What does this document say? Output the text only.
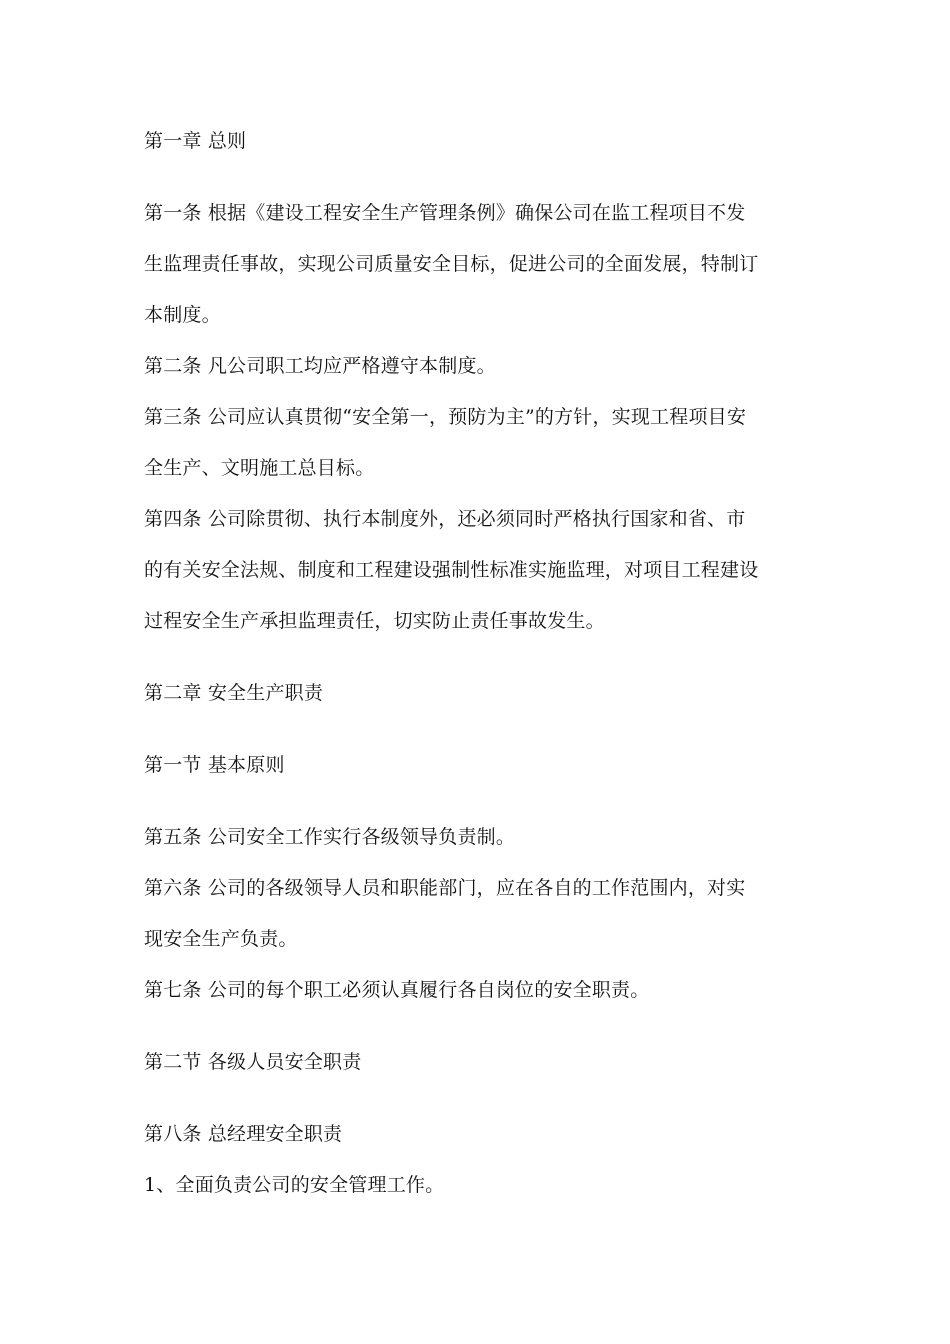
第一章 总则
第一条 根据《建设工程安全生产管理条例》确保公司在监工程项目不发
生监理责任事故，实现公司质量安全目标，促进公司的全面发展，特制订
本制度。
第二条 凡公司职工均应严格遵守本制度。
第三条 公司应认真贯彻“安全第一，预防为主”的方针，实现工程项目安
全生产、文明施工总目标。
第四条 公司除贯彻、执行本制度外，还必须同时严格执行国家和省、市
的有关安全法规、制度和工程建设强制性标准实施监理，对项目工程建设
过程安全生产承担监理责任，切实防止责任事故发生。
第二章 安全生产职责
第一节 基本原则
第五条 公司安全工作实行各级领导负责制。
第六条 公司的各级领导人员和职能部门，应在各自的工作范围内，对实
现安全生产负责。
第七条 公司的每个职工必须认真履行各自岗位的安全职责。
第二节 各级人员安全职责
第八条 总经理安全职责
1、全面负责公司的安全管理工作。
